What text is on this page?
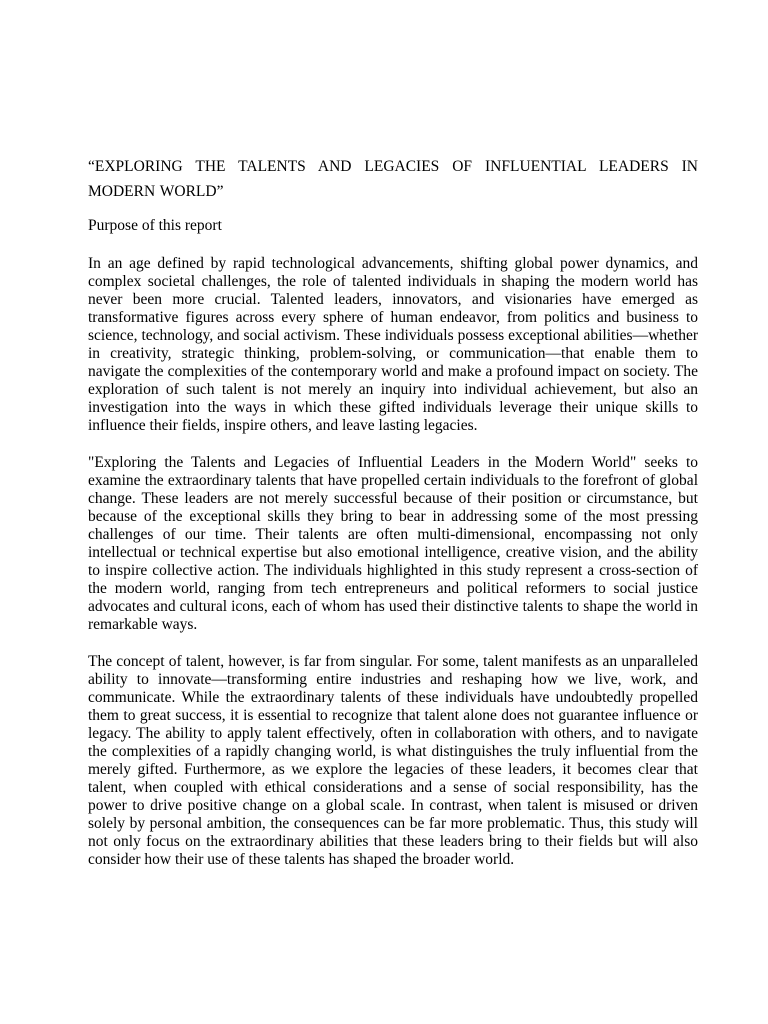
“EXPLORING THE TALENTS AND LEGACIES OF INFLUENTIAL LEADERS IN MODERN WORLD”

Purpose of this report

In an age defined by rapid technological advancements, shifting global power dynamics, and complex societal challenges, the role of talented individuals in shaping the modern world has never been more crucial. Talented leaders, innovators, and visionaries have emerged as transformative figures across every sphere of human endeavor, from politics and business to science, technology, and social activism. These individuals possess exceptional abilities—whether in creativity, strategic thinking, problem-solving, or communication—that enable them to navigate the complexities of the contemporary world and make a profound impact on society. The exploration of such talent is not merely an inquiry into individual achievement, but also an investigation into the ways in which these gifted individuals leverage their unique skills to influence their fields, inspire others, and leave lasting legacies.

"Exploring the Talents and Legacies of Influential Leaders in the Modern World" seeks to examine the extraordinary talents that have propelled certain individuals to the forefront of global change. These leaders are not merely successful because of their position or circumstance, but because of the exceptional skills they bring to bear in addressing some of the most pressing challenges of our time. Their talents are often multi-dimensional, encompassing not only intellectual or technical expertise but also emotional intelligence, creative vision, and the ability to inspire collective action. The individuals highlighted in this study represent a cross-section of the modern world, ranging from tech entrepreneurs and political reformers to social justice advocates and cultural icons, each of whom has used their distinctive talents to shape the world in remarkable ways.

The concept of talent, however, is far from singular. For some, talent manifests as an unparalleled ability to innovate—transforming entire industries and reshaping how we live, work, and communicate. While the extraordinary talents of these individuals have undoubtedly propelled them to great success, it is essential to recognize that talent alone does not guarantee influence or legacy. The ability to apply talent effectively, often in collaboration with others, and to navigate the complexities of a rapidly changing world, is what distinguishes the truly influential from the merely gifted. Furthermore, as we explore the legacies of these leaders, it becomes clear that talent, when coupled with ethical considerations and a sense of social responsibility, has the power to drive positive change on a global scale. In contrast, when talent is misused or driven solely by personal ambition, the consequences can be far more problematic. Thus, this study will not only focus on the extraordinary abilities that these leaders bring to their fields but will also consider how their use of these talents has shaped the broader world.
